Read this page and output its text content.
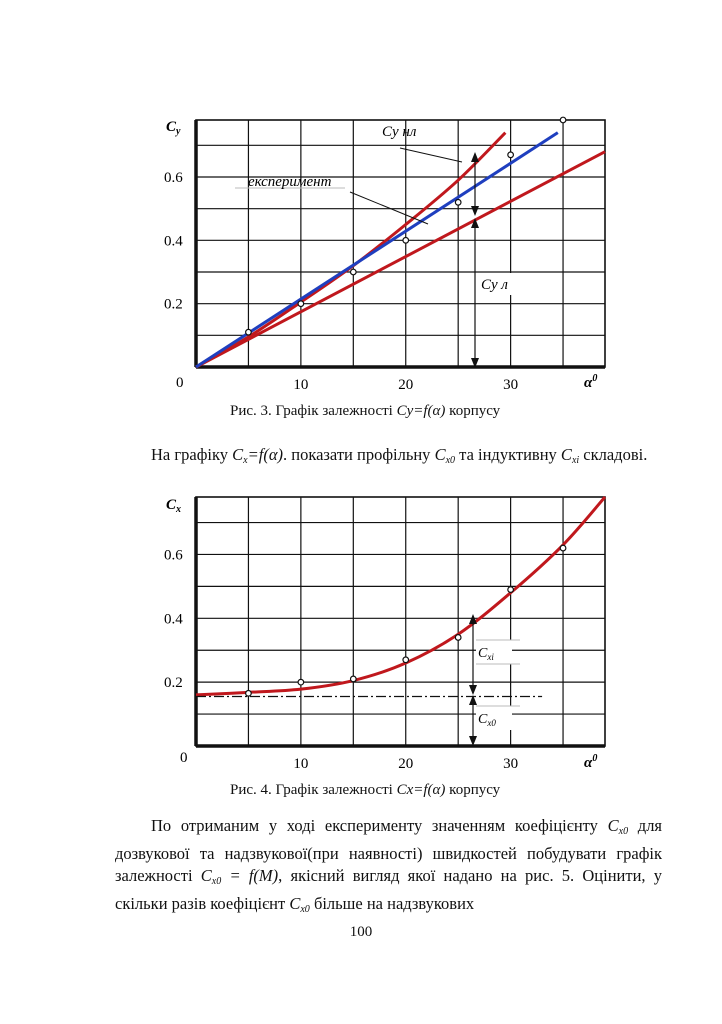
10	20	30
0.2
0.4
0.6
$C_y$
0	$\alpha^0$
Су нл
експеримент
Су л
Рис. 3. Графік залежності Cy=f(α) корпусу

На графіку $C_x=f(\alpha)$. показати профільну $C_{x0}$ та індуктивну $C_{xi}$ складові.

10	20	30
0.2
0.4
0.6
$C_x$
0	$\alpha^0$
$C_{xi}$
$C_{x0}$
Рис. 4. Графік залежності Cx=f(α) корпусу

По отриманим у ході експерименту значенням коефіцієнту $C_{x0}$ для дозвукової та надзвукової(при наявності) швидкостей побудувати графік залежності $C_{x0} = f(M)$, якісний вигляд якої надано на рис. 5. Оцінити, у скільки разів коефіцієнт $C_{x0}$ більше на надзвукових

100
